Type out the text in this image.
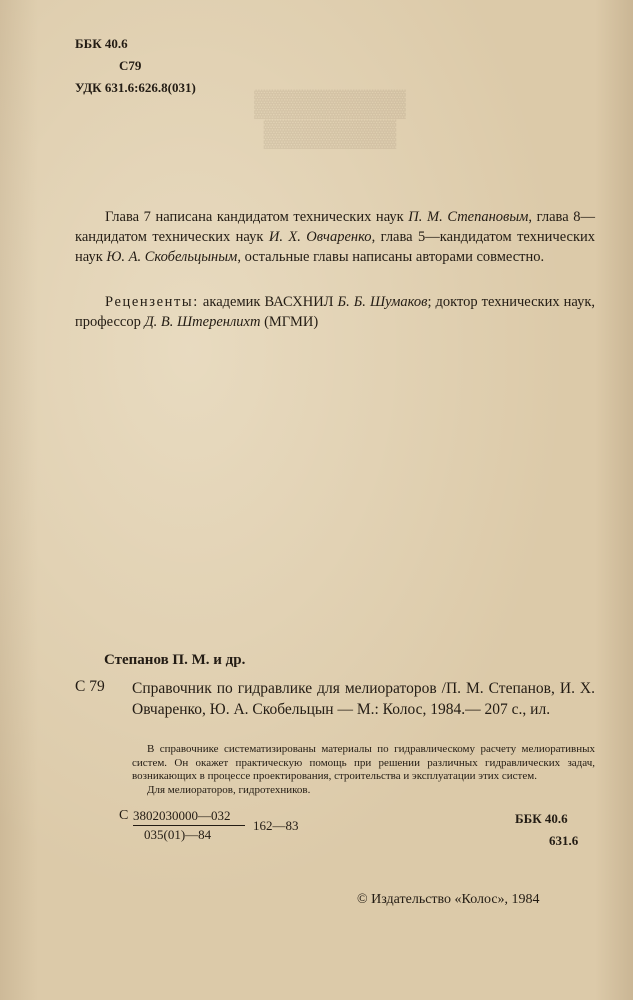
ББК 40.6
С79
УДК 631.6:626.8(031)
▓▓▓▓▓▓▓▓
▓▓▓▓▓▓▓
Глава 7 написана кандидатом технических наук П. М. Степановым, глава 8—кандидатом технических наук И. Х. Овчаренко, глава 5—кандидатом технических наук Ю. А. Скобельцыным, остальные главы написаны авторами совместно.
Рецензенты: академик ВАСХНИЛ Б. Б. Шумаков; доктор технических наук, профессор Д. В. Штеренлихт (МГМИ)
Степанов П. М. и др.
С 79 Справочник по гидравлике для мелиораторов /П. М. Степанов, И. Х. Овчаренко, Ю. А. Скобельцын — М.: Колос, 1984.— 207 с., ил.

В справочнике систематизированы материалы по гидравлическому расчету мелиоративных систем. Он окажет практическую помощь при решении различных гидравлических задач, возникающих в процессе проектирования, строительства и эксплуатации этих систем.

Для мелиораторов, гидротехников.

С $\frac{3802030000—032}{035(01)—84}$ 162—83	ББК 40.6
631.6
© Издательство «Колос», 1984
